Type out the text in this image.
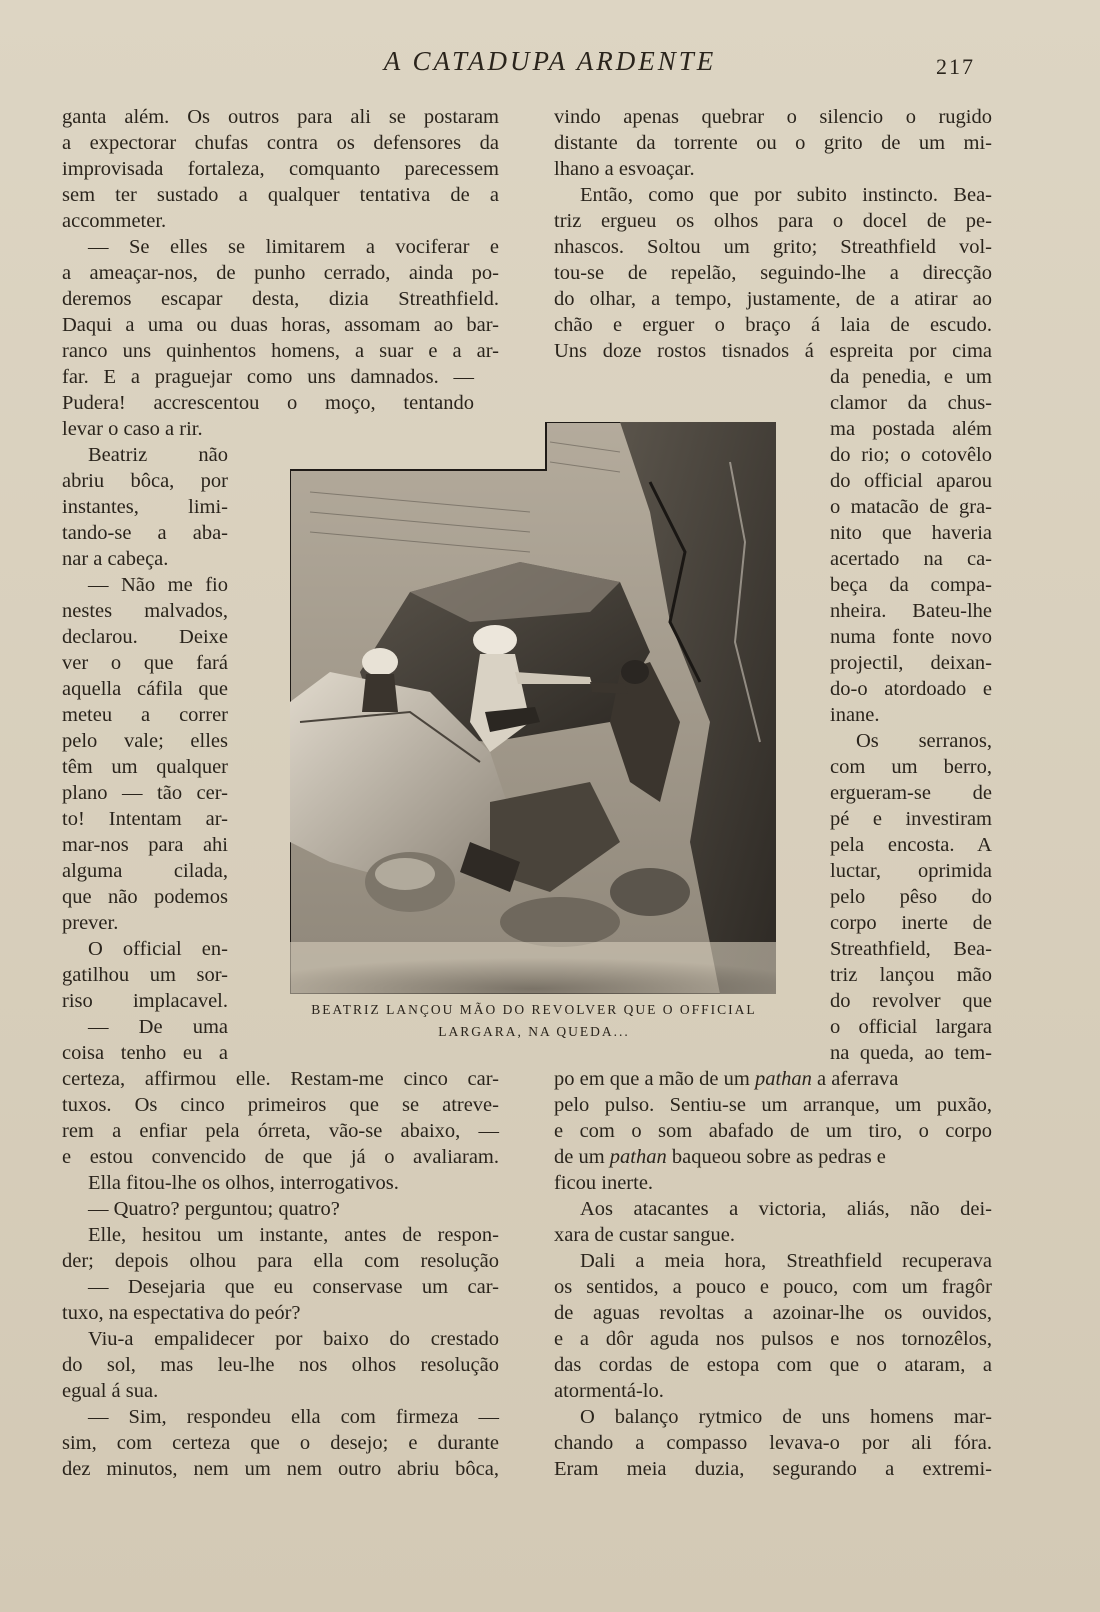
A CATADUPA ARDENTE	217
ganta além. Os outros para ali se postaram
a expectorar chufas contra os defensores da
improvisada fortaleza, comquanto parecessem
sem ter sustado a qualquer tentativa de a
accommeter.
— Se elles se limitarem a vociferar e
a ameaçar-nos, de punho cerrado, ainda po-
deremos escapar desta, dizia Streathfield.
Daqui a uma ou duas horas, assomam ao bar-
ranco uns quinhentos homens, a suar e a ar-
far. E a praguejar como uns damnados. —
Pudera! accrescentou o moço, tentando
levar o caso a rir.
Beatriz não
abriu bôca, por
instantes, limi-
tando-se a aba-
nar a cabeça.
— Não me fio
nestes malvados,
declarou. Deixe
ver o que fará
aquella cáfila que
meteu a correr
pelo vale; elles
têm um qualquer
plano — tão cer-
to! Intentam ar-
mar-nos para ahi
alguma cilada,
que não podemos
prever.
O official en-
gatilhou um sor-
riso implacavel.
— De uma
coisa tenho eu a
certeza, affirmou elle. Restam-me cinco car-
tuxos. Os cinco primeiros que se atreve-
rem a enfiar pela órreta, vão-se abaixo, —
e estou convencido de que já o avaliaram.
Ella fitou-lhe os olhos, interrogativos.
— Quatro? perguntou; quatro?
Elle, hesitou um instante, antes de respon-
der; depois olhou para ella com resolução
— Desejaria que eu conservase um car-
tuxo, na espectativa do peór?
Viu-a empalidecer por baixo do crestado
do sol, mas leu-lhe nos olhos resolução
egual á sua.
— Sim, respondeu ella com firmeza —
sim, com certeza que o desejo; e durante
dez minutos, nem um nem outro abriu bôca,
vindo apenas quebrar o silencio o rugido
distante da torrente ou o grito de um mi-
lhano a esvoaçar.
Então, como que por subito instincto. Bea-
triz ergueu os olhos para o docel de pe-
nhascos. Soltou um grito; Streathfield vol-
tou-se de repelão, seguindo-lhe a direcção
do olhar, a tempo, justamente, de a atirar ao
chão e erguer o braço á laia de escudo.
Uns doze rostos tisnados á espreita por cima
da penedia, e um
clamor da chus-
ma postada além
do rio; o cotovêlo
do official aparou
o matacão de gra-
nito que haveria
acertado na ca-
beça da compa-
nheira. Bateu-lhe
numa fonte novo
projectil, deixan-
do-o atordoado e
inane.
Os serranos,
com um berro,
ergueram-se de
pé e investiram
pela encosta. A
luctar, oprimida
pelo pêso do
corpo inerte de
Streathfield, Bea-
triz lançou mão
do revolver que
o official largara
na queda, ao tem-
po em que a mão de um pathan a aferrava
pelo pulso. Sentiu-se um arranque, um puxão,
e com o som abafado de um tiro, o corpo
de um pathan baqueou sobre as pedras e
ficou inerte.
Aos atacantes a victoria, aliás, não dei-
xara de custar sangue.
Dali a meia hora, Streathfield recuperava
os sentidos, a pouco e pouco, com um fragôr
de aguas revoltas a azoinar-lhe os ouvidos,
e a dôr aguda nos pulsos e nos tornozêlos,
das cordas de estopa com que o ataram, a
atormentá-lo.
O balanço rytmico de uns homens mar-
chando a compasso levava-o por ali fóra.
Eram meia duzia, segurando a extremi-
BEATRIZ LANÇOU MÃO DO REVOLVER QUE O OFFICIAL
LARGARA, NA QUEDA...
